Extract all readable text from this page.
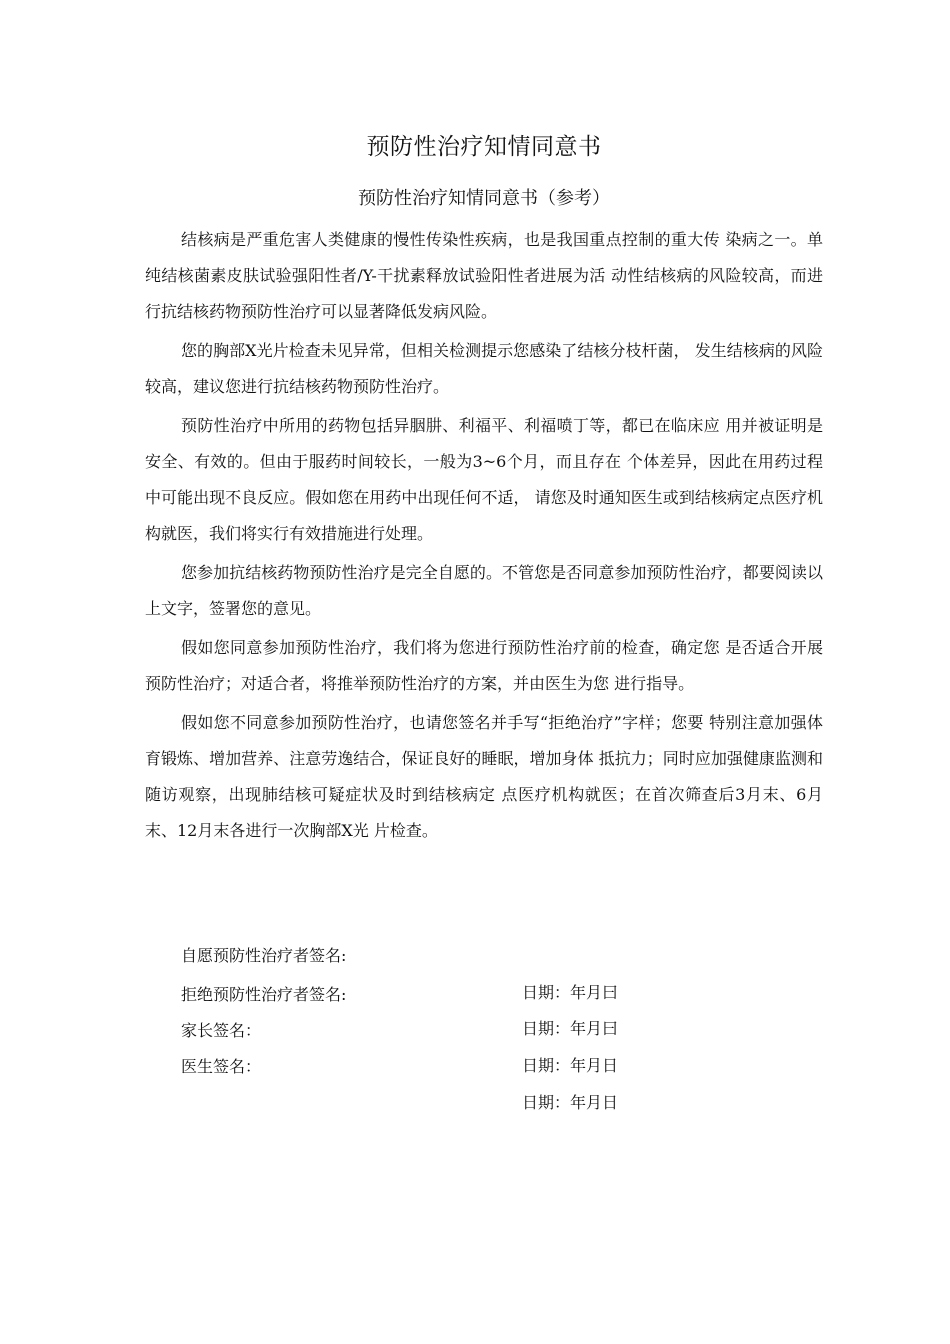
预防性治疗知情同意书
预防性治疗知情同意书（参考）

结核病是严重危害人类健康的慢性传染性疾病，也是我国重点控制的重大传 染病之一。单纯结核菌素皮肤试验强阳性者/Y-干扰素释放试验阳性者进展为活 动性结核病的风险较高，而进行抗结核药物预防性治疗可以显著降低发病风险。

您的胸部X光片检查未见异常，但相关检测提示您感染了结核分枝杆菌， 发生结核病的风险较高，建议您进行抗结核药物预防性治疗。

预防性治疗中所用的药物包括异胭肼、利福平、利福喷丁等，都已在临床应 用并被证明是安全、有效的。但由于服药时间较长，一般为3~6个月，而且存在 个体差异，因此在用药过程中可能出现不良反应。假如您在用药中出现任何不适， 请您及时通知医生或到结核病定点医疗机构就医，我们将实行有效措施进行处理。

您参加抗结核药物预防性治疗是完全自愿的。不管您是否同意参加预防性治疗，都要阅读以上文字，签署您的意见。

假如您同意参加预防性治疗，我们将为您进行预防性治疗前的检查，确定您 是否适合开展预防性治疗；对适合者，将推举预防性治疗的方案，并由医生为您 进行指导。

假如您不同意参加预防性治疗，也请您签名并手写“拒绝治疗”字样；您要 特别注意加强体育锻炼、增加营养、注意劳逸结合，保证良好的睡眠，增加身体 抵抗力；同时应加强健康监测和随访观察，出现肺结核可疑症状及时到结核病定 点医疗机构就医；在首次筛查后3月末、6月末、12月末各进行一次胸部X光 片检查。

自愿预防性治疗者签名:
拒绝预防性治疗者签名:
家长签名：
医生签名：
日期：年月曰
日期：年月曰
日期：年月日
日期：年月日
